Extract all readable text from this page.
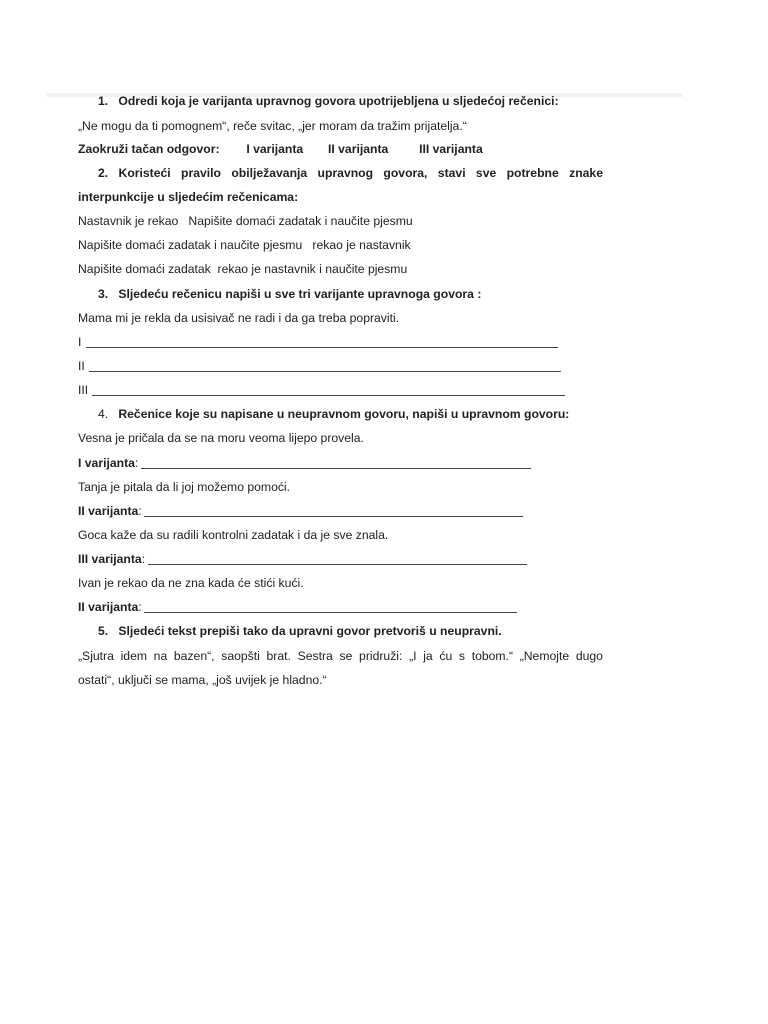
1. Odredi koja je varijanta upravnog govora upotrijebljena u sljedećoj rečenici:
„Ne mogu da ti pomognem“, reče svitac, „jer moram da tražim prijatelja.“
Zaokruži tačan odgovor: I varijanta II varijanta	III varijanta
2. Koristeći pravilo obilježavanja upravnog govora, stavi sve potrebne znake
interpunkcije u sljedećim rečenicama:
Nastavnik je rekao   Napišite domaći zadatak i naučite pjesmu
Napišite domaći zadatak i naučite pjesmu   rekao je nastavnik
Napišite domaći zadatak  rekao je nastavnik i naučite pjesmu
3. Sljedeću rečenicu napiši u sve tri varijante upravnoga govora :
Mama mi je rekla da usisivač ne radi i da ga treba popraviti.
I
II
III
4. Rečenice koje su napisane u neupravnom govoru, napiši u upravnom govoru:
Vesna je pričala da se na moru veoma lijepo provela.
I varijanta:
Tanja je pitala da li joj možemo pomoći.
II varijanta:
Goca kaže da su radili kontrolni zadatak i da je sve znala.
III varijanta:
Ivan je rekao da ne zna kada će stići kući.
II varijanta:
5. Sljedeći tekst prepiši tako da upravni govor pretvoriš u neupravni.
„Sjutra idem na bazen“, saopšti brat. Sestra se pridruži: „I ja ću s tobom.“ „Nemojte dugo
ostati“, uključi se mama, „još uvijek je hladno.“
